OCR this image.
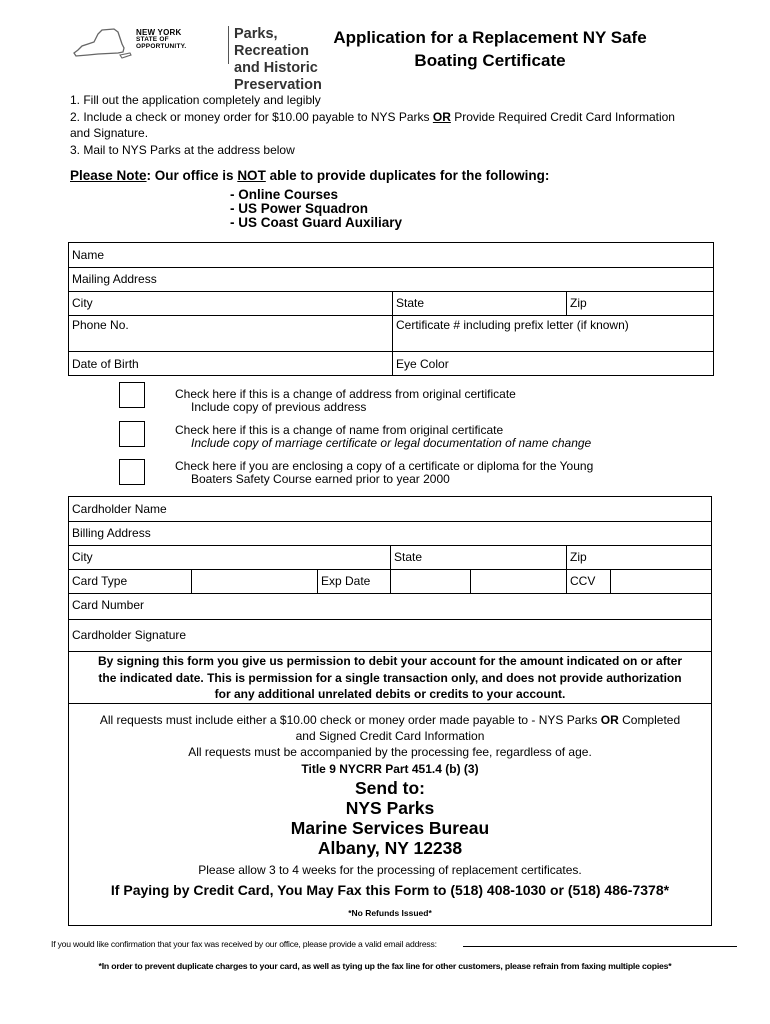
NEW YORK
STATE OF
OPPORTUNITY.
Parks, Recreation
and Historic Preservation
Application for a Replacement NY Safe
Boating Certificate
1. Fill out the application completely and legibly
2. Include a check or money order for $10.00 payable to NYS Parks OR Provide Required Credit Card Information
and Signature.
3. Mail to NYS Parks at the address below
Please Note: Our office is NOT able to provide duplicates for the following:
- Online Courses
- US Power Squadron
- US Coast Guard Auxiliary
Name
Mailing Address
City	State	Zip
Phone No.	Certificate # including prefix letter (if known)
Date of Birth	Eye Color
Check here if this is a change of address from original certificate
Include copy of previous address
Check here if this is a change of name from original certificate
Include copy of marriage certificate or legal documentation of name change
Check here if you are enclosing a copy of a certificate or diploma for the Young
Boaters Safety Course earned prior to year 2000
Cardholder Name
Billing Address
City	State	Zip
Card Type	Exp Date	CCV
Card Number
Cardholder Signature
By signing this form you give us permission to debit your account for the amount indicated on or after
the indicated date. This is permission for a single transaction only, and does not provide authorization
for any additional unrelated debits or credits to your account.
All requests must include either a $10.00 check or money order made payable to - NYS Parks OR Completed
and Signed Credit Card Information
All requests must be accompanied by the processing fee, regardless of age.
Title 9 NYCRR Part 451.4 (b) (3)
Send to:
NYS Parks
Marine Services Bureau
Albany, NY 12238
Please allow 3 to 4 weeks for the processing of replacement certificates.
If Paying by Credit Card, You May Fax this Form to (518) 408-1030 or (518) 486-7378*
*No Refunds Issued*
If you would like confirmation that your fax was received by our office, please provide a valid email address:
*In order to prevent duplicate charges to your card, as well as tying up the fax line for other customers, please refrain from faxing multiple copies*
